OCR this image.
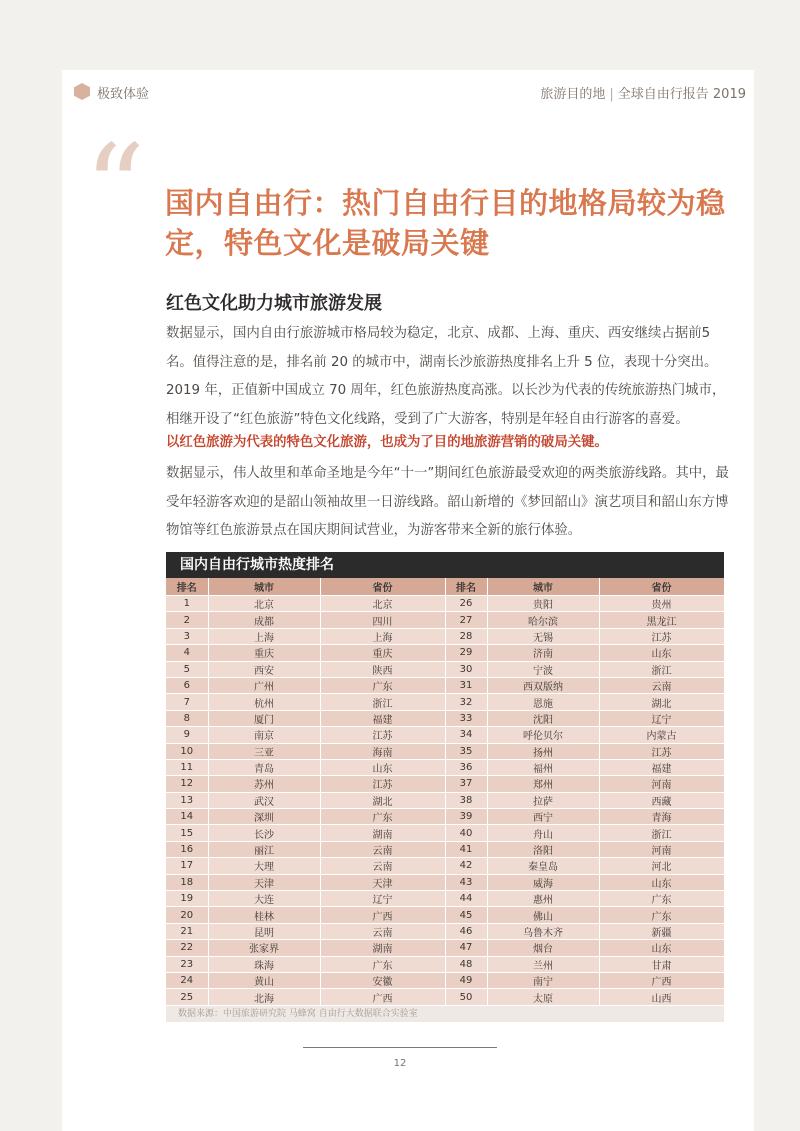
极致体验	旅游目的地 | 全球自由行报告 2019
“ 国内自由行：热门自由行目的地格局较为稳定，特色文化是破局关键
红色文化助力城市旅游发展

数据显示，国内自由行旅游城市格局较为稳定，北京、成都、上海、重庆、西安继续占据前5名。值得注意的是，排名前 20 的城市中，湖南长沙旅游热度排名上升 5 位，表现十分突出。2019 年，正值新中国成立 70 周年，红色旅游热度高涨。以长沙为代表的传统旅游热门城市，相继开设了“红色旅游”特色文化线路，受到了广大游客，特别是年轻自由行游客的喜爱。

以红色旅游为代表的特色文化旅游，也成为了目的地旅游营销的破局关键。

数据显示，伟人故里和革命圣地是今年“十一”期间红色旅游最受欢迎的两类旅游线路。其中，最受年轻游客欢迎的是韶山领袖故里一日游线路。韶山新增的《梦回韶山》演艺项目和韶山东方博物馆等红色旅游景点在国庆期间试营业，为游客带来全新的旅行体验。

国内自由行城市热度排名
排名	城市	省份	排名	城市	省份
1	北京	北京	26	贵阳	贵州
2	成都	四川	27	哈尔滨	黑龙江
3	上海	上海	28	无锡	江苏
4	重庆	重庆	29	济南	山东
5	西安	陕西	30	宁波	浙江
6	广州	广东	31	西双版纳	云南
7	杭州	浙江	32	恩施	湖北
8	厦门	福建	33	沈阳	辽宁
9	南京	江苏	34	呼伦贝尔	内蒙古
10	三亚	海南	35	扬州	江苏
11	青岛	山东	36	福州	福建
12	苏州	江苏	37	郑州	河南
13	武汉	湖北	38	拉萨	西藏
14	深圳	广东	39	西宁	青海
15	长沙	湖南	40	舟山	浙江
16	丽江	云南	41	洛阳	河南
17	大理	云南	42	秦皇岛	河北
18	天津	天津	43	威海	山东
19	大连	辽宁	44	惠州	广东
20	桂林	广西	45	佛山	广东
21	昆明	云南	46	乌鲁木齐	新疆
22	张家界	湖南	47	烟台	山东
23	珠海	广东	48	兰州	甘肃
24	黄山	安徽	49	南宁	广西
25	北海	广西	50	太原	山西
数据来源：中国旅游研究院 马蜂窝 自由行大数据联合实验室
12
